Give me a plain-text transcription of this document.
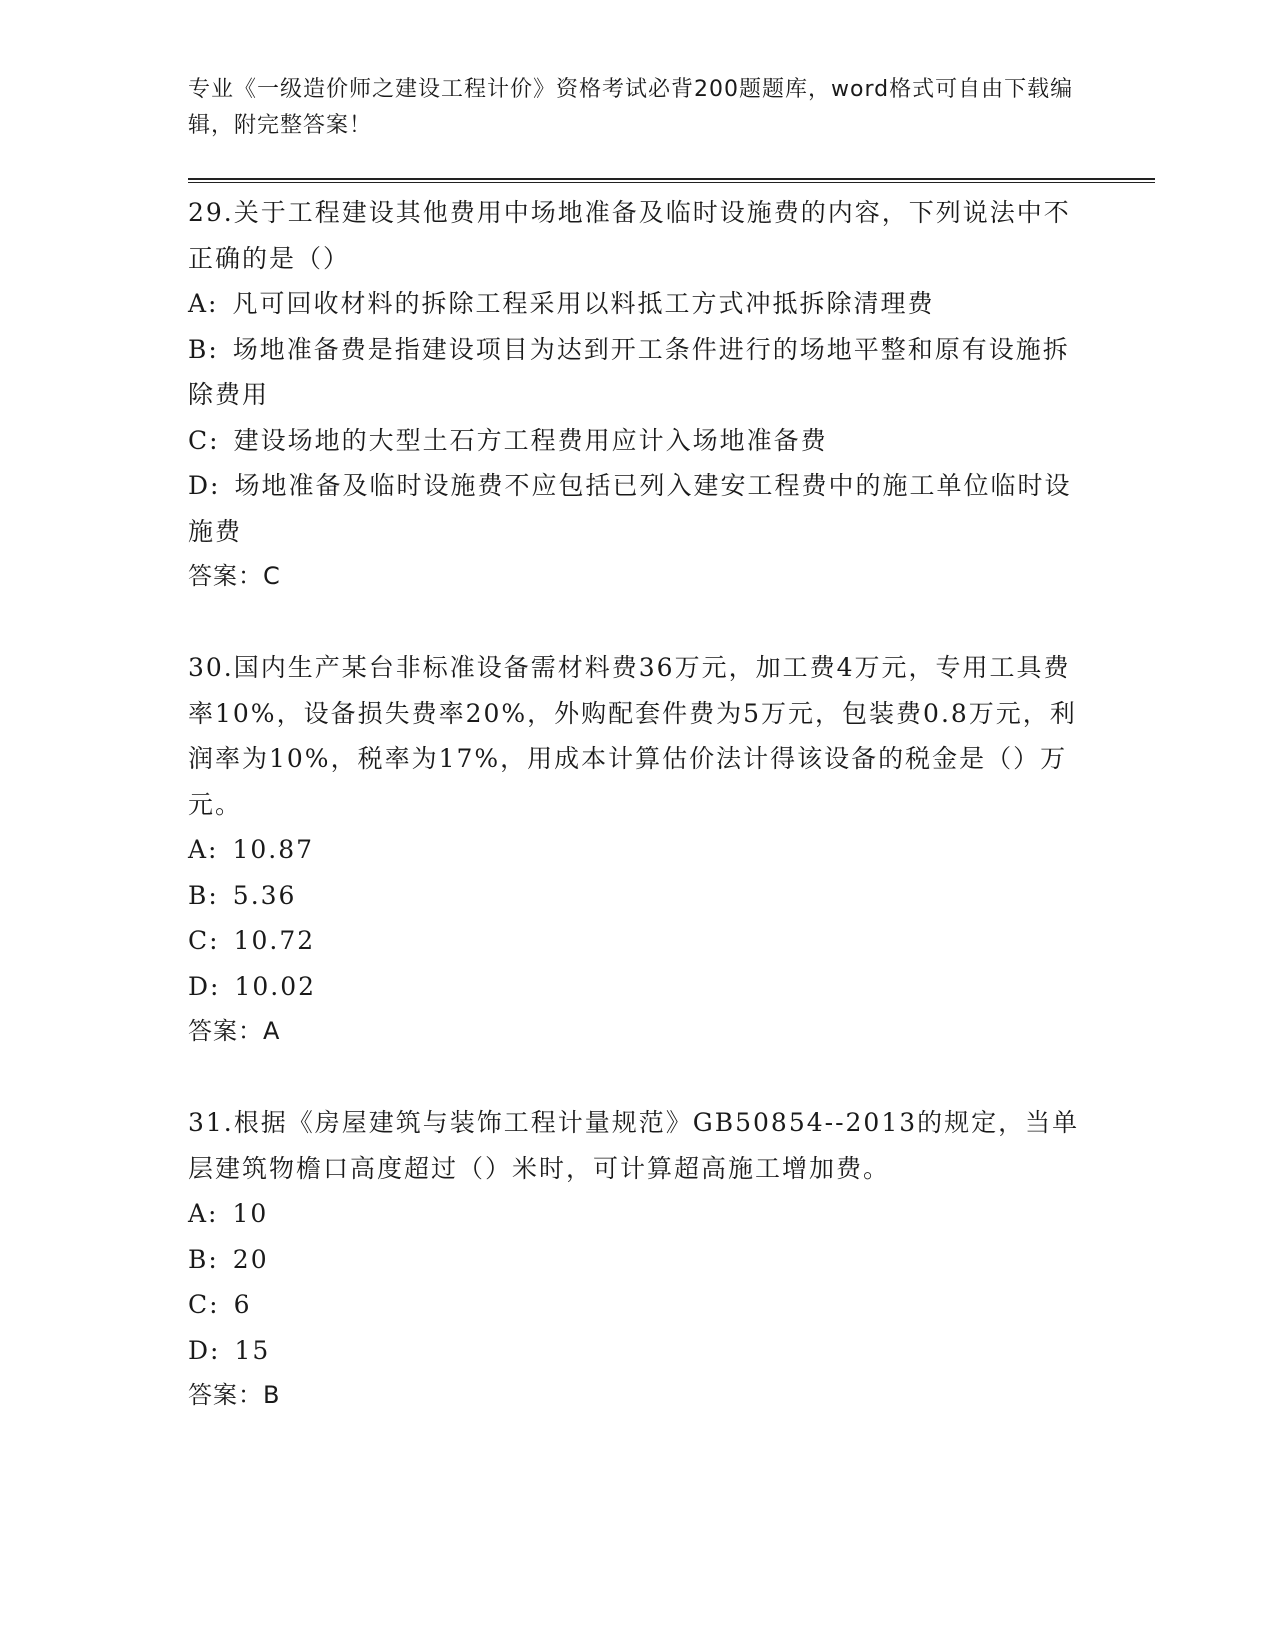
专业《一级造价师之建设工程计价》资格考试必背200题题库，word格式可自由下载编辑，附完整答案！
29.关于工程建设其他费用中场地准备及临时设施费的内容，下列说法中不正确的是（）
A: 凡可回收材料的拆除工程采用以料抵工方式冲抵拆除清理费
B: 场地准备费是指建设项目为达到开工条件进行的场地平整和原有设施拆除费用
C: 建设场地的大型土石方工程费用应计入场地准备费
D: 场地准备及临时设施费不应包括已列入建安工程费中的施工单位临时设施费
答案：C
30.国内生产某台非标准设备需材料费36万元，加工费4万元，专用工具费率10%，设备损失费率20%，外购配套件费为5万元，包装费0.8万元，利润率为10%，税率为17%，用成本计算估价法计得该设备的税金是（）万元。
A: 10.87
B: 5.36
C: 10.72
D: 10.02
答案：A
31.根据《房屋建筑与装饰工程计量规范》GB50854--2013的规定，当单层建筑物檐口高度超过（）米时，可计算超高施工增加费。
A: 10
B: 20
C: 6
D: 15
答案：B
